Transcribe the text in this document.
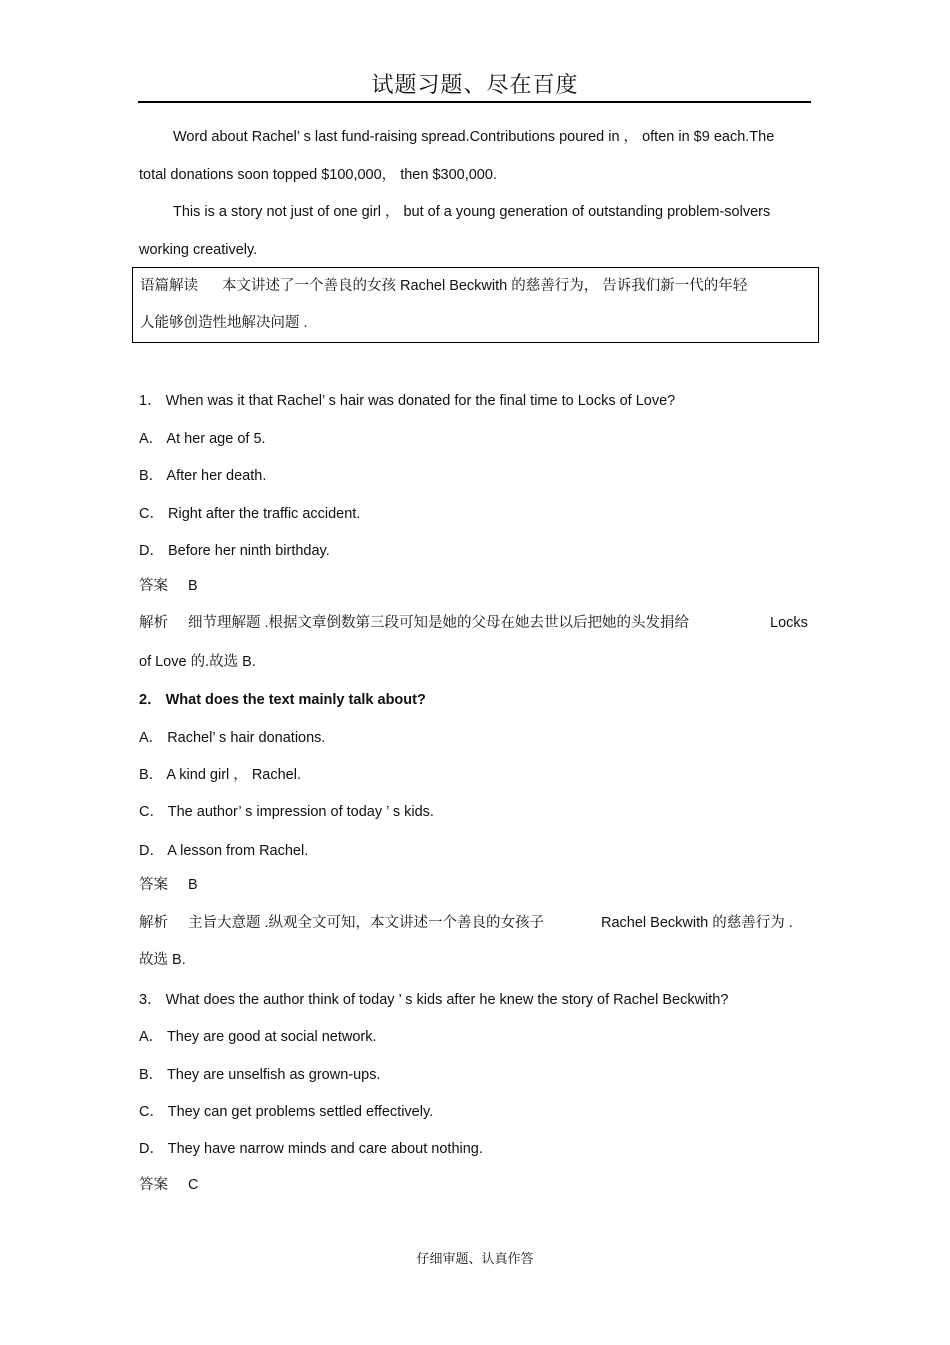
试题习题、尽在百度
Word about Rachel’ s last fund-raising spread.Contributions poured in ， often in $9 each.The
total donations soon topped $100,000， then $300,000.
This is a story not just of one girl ， but of a young generation of outstanding problem-solvers
working creatively.
语篇解读 本文讲述了一个善良的女孩 Rachel Beckwith 的慈善行为， 告诉我们新一代的年轻
人能够创造性地解决问题 .
1． When was it that Rachel’ s hair was donated for the final time to Locks of Love?
A． At her age of 5.
B． After her death.
C． Right after the traffic accident.
D． Before her ninth birthday.
答案 B
解析 细节理解题 .根据文章倒数第三段可知是她的父母在她去世以后把她的头发捐给	Locks
of Love 的.故选 B.
2． What does the text mainly talk about?
A． Rachel’ s hair donations.
B． A kind girl ， Rachel.
C． The author’ s impression of today ’ s kids.
D． A lesson from Rachel.
答案 B
解析 主旨大意题 .纵观全文可知，本文讲述一个善良的女孩子	Rachel Beckwith 的慈善行为 .
故选 B.
3． What does the author think of today ’ s kids after he knew the story of Rachel Beckwith?
A． They are good at social network.
B． They are unselfish as grown-ups.
C． They can get problems settled effectively.
D． They have narrow minds and care about nothing.
答案 C
仔细审题、认真作答
